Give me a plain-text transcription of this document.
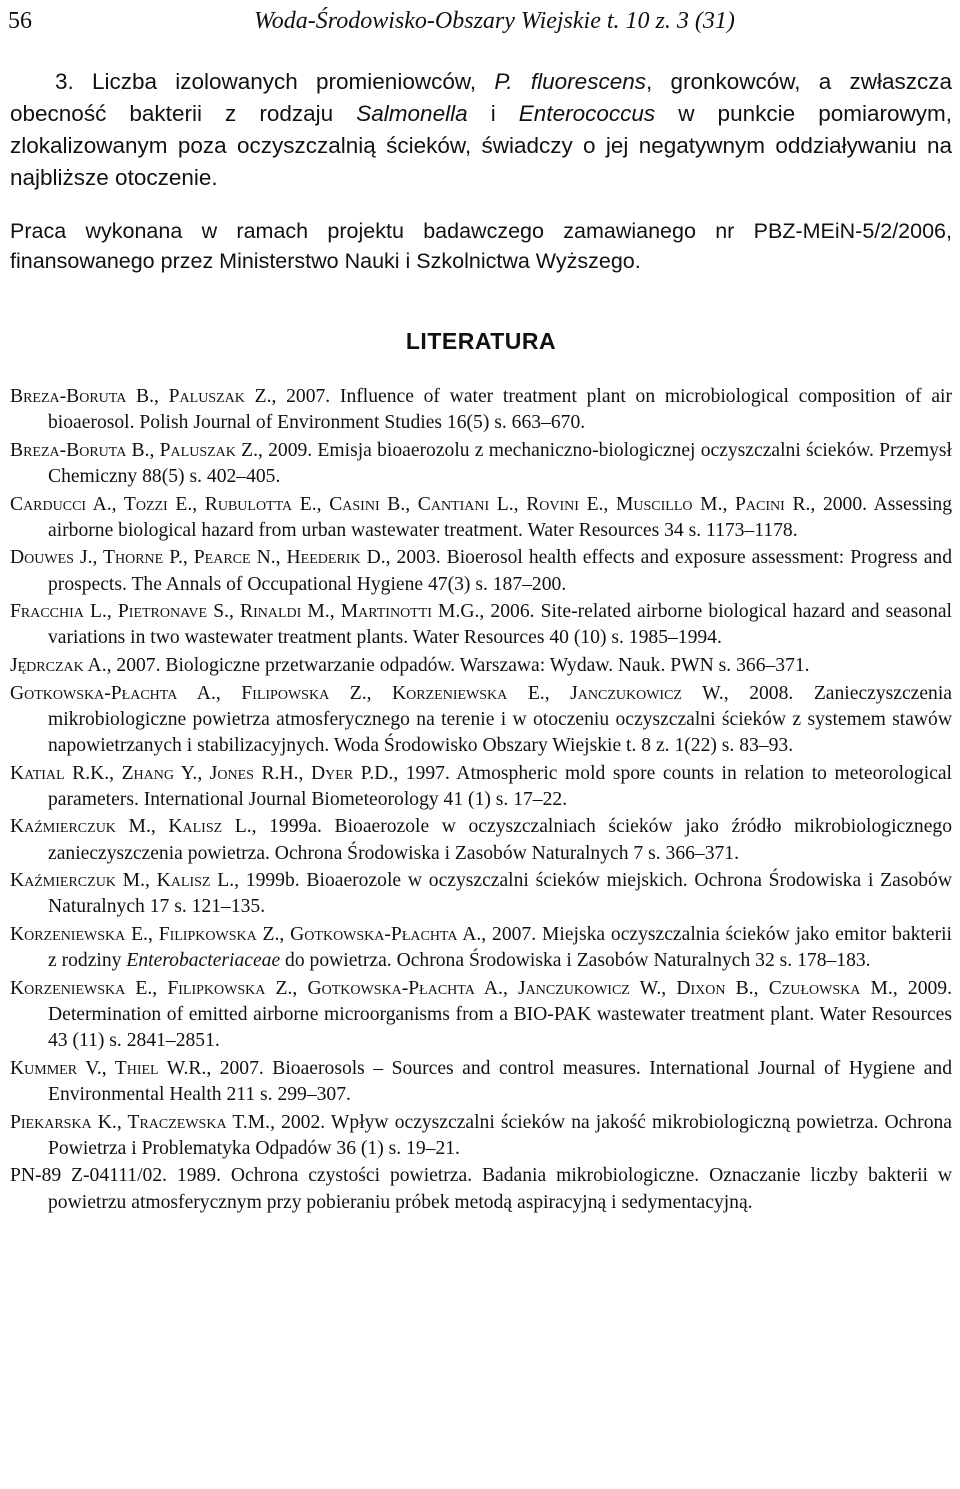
56	Woda-Środowisko-Obszary Wiejskie t. 10 z. 3 (31)

3. Liczba izolowanych promieniowców, P. fluorescens, gronkowców, a zwłaszcza obecność bakterii z rodzaju Salmonella i Enterococcus w punkcie pomiarowym, zlokalizowanym poza oczyszczalnią ścieków, świadczy o jej negatywnym oddziaływaniu na najbliższe otoczenie.

Praca wykonana w ramach projektu badawczego zamawianego nr PBZ-MEiN-5/2/2006, finansowanego przez Ministerstwo Nauki i Szkolnictwa Wyższego.

LITERATURA

Breza-Boruta B., Paluszak Z., 2007. Influence of water treatment plant on microbiological composition of air bioaerosol. Polish Journal of Environment Studies 16(5) s. 663–670.

Breza-Boruta B., Paluszak Z., 2009. Emisja bioaerozolu z mechaniczno-biologicznej oczyszczalni ścieków. Przemysł Chemiczny 88(5) s. 402–405.

Carducci A., Tozzi E., Rubulotta E., Casini B., Cantiani L., Rovini E., Muscillo M., Pacini R., 2000. Assessing airborne biological hazard from urban wastewater treatment. Water Resources 34 s. 1173–1178.

Douwes J., Thorne P., Pearce N., Heederik D., 2003. Bioerosol health effects and exposure assessment: Progress and prospects. The Annals of Occupational Hygiene 47(3) s. 187–200.

Fracchia L., Pietronave S., Rinaldi M., Martinotti M.G., 2006. Site-related airborne biological hazard and seasonal variations in two wastewater treatment plants. Water Resources 40 (10) s. 1985–1994.

Jędrczak A., 2007. Biologiczne przetwarzanie odpadów. Warszawa: Wydaw. Nauk. PWN s. 366–371.

Gotkowska-Płachta A., Filipowska Z., Korzeniewska E., Janczukowicz W., 2008. Zanieczyszczenia mikrobiologiczne powietrza atmosferycznego na terenie i w otoczeniu oczyszczalni ścieków z systemem stawów napowietrzanych i stabilizacyjnych. Woda Środowisko Obszary Wiejskie t. 8 z. 1(22) s. 83–93.

Katial R.K., Zhang Y., Jones R.H., Dyer P.D., 1997. Atmospheric mold spore counts in relation to meteorological parameters. International Journal Biometeorology 41 (1) s. 17–22.

Kaźmierczuk M., Kalisz L., 1999a. Bioaerozole w oczyszczalniach ścieków jako źródło mikrobiologicznego zanieczyszczenia powietrza. Ochrona Środowiska i Zasobów Naturalnych 7 s. 366–371.

Kaźmierczuk M., Kalisz L., 1999b. Bioaerozole w oczyszczalni ścieków miejskich. Ochrona Środowiska i Zasobów Naturalnych 17 s. 121–135.

Korzeniewska E., Filipkowska Z., Gotkowska-Płachta A., 2007. Miejska oczyszczalnia ścieków jako emitor bakterii z rodziny Enterobacteriaceae do powietrza. Ochrona Środowiska i Zasobów Naturalnych 32 s. 178–183.

Korzeniewska E., Filipkowska Z., Gotkowska-Płachta A., Janczukowicz W., Dixon B., Czułowska M., 2009. Determination of emitted airborne microorganisms from a BIO-PAK wastewater treatment plant. Water Resources 43 (11) s. 2841–2851.

Kummer V., Thiel W.R., 2007. Bioaerosols – Sources and control measures. International Journal of Hygiene and Environmental Health 211 s. 299–307.

Piekarska K., Traczewska T.M., 2002. Wpływ oczyszczalni ścieków na jakość mikrobiologiczną powietrza. Ochrona Powietrza i Problematyka Odpadów 36 (1) s. 19–21.

PN-89 Z-04111/02. 1989. Ochrona czystości powietrza. Badania mikrobiologiczne. Oznaczanie liczby bakterii w powietrzu atmosferycznym przy pobieraniu próbek metodą aspiracyjną i sedymentacyjną.
